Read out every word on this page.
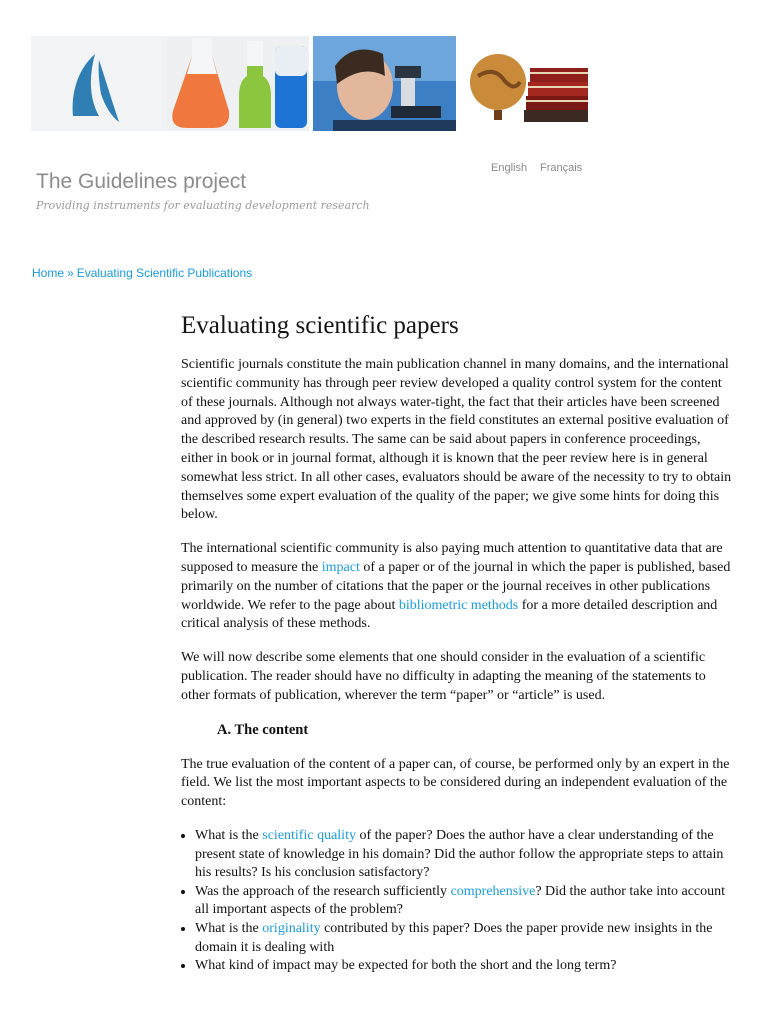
English Français
The Guidelines project
Providing instruments for evaluating development research
Home » Evaluating Scientific Publications
Evaluating scientific papers

Scientific journals constitute the main publication channel in many domains, and the international scientific community has through peer review developed a quality control system for the content of these journals. Although not always water-tight, the fact that their articles have been screened and approved by (in general) two experts in the field constitutes an external positive evaluation of the described research results. The same can be said about papers in conference proceedings, either in book or in journal format, although it is known that the peer review here is in general somewhat less strict. In all other cases, evaluators should be aware of the necessity to try to obtain themselves some expert evaluation of the quality of the paper; we give some hints for doing this below.

The international scientific community is also paying much attention to quantitative data that are supposed to measure the impact of a paper or of the journal in which the paper is published, based primarily on the number of citations that the paper or the journal receives in other publications worldwide. We refer to the page about bibliometric methods for a more detailed description and critical analysis of these methods.

We will now describe some elements that one should consider in the evaluation of a scientific publication. The reader should have no difficulty in adapting the meaning of the statements to other formats of publication, wherever the term “paper” or “article” is used.

A. The content

The true evaluation of the content of a paper can, of course, be performed only by an expert in the field. We list the most important aspects to be considered during an independent evaluation of the content:

• What is the scientific quality of the paper? Does the author have a clear understanding of the present state of knowledge in his domain? Did the author follow the appropriate steps to attain his results? Is his conclusion satisfactory?
• Was the approach of the research sufficiently comprehensive? Did the author take into account all important aspects of the problem?
• What is the originality contributed by this paper? Does the paper provide new insights in the domain it is dealing with
• What kind of impact may be expected for both the short and the long term?
